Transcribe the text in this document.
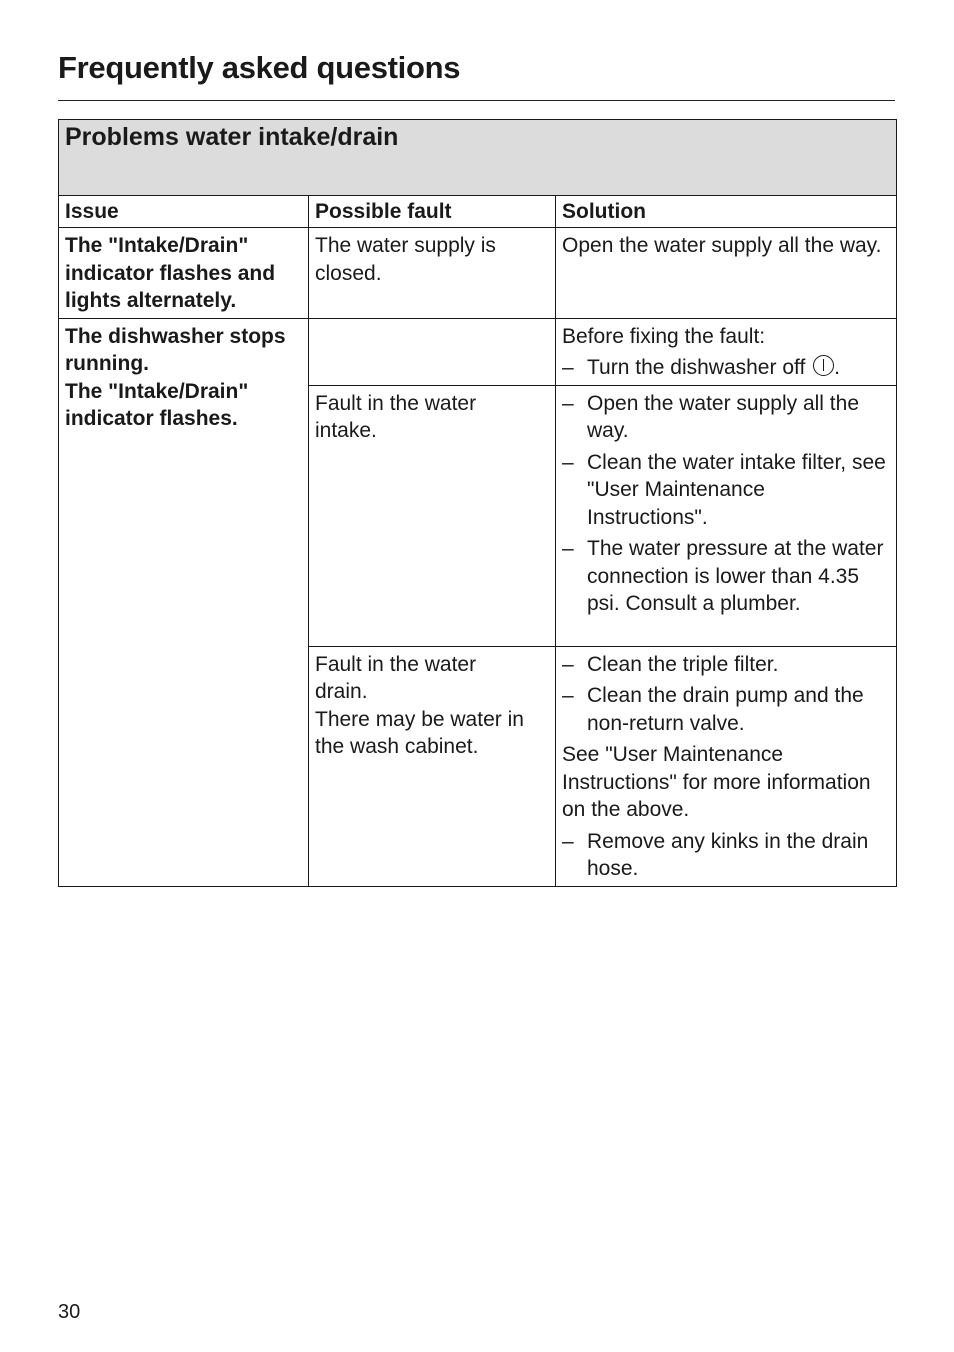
Frequently asked questions
Problems water intake/drain		
Issue	Possible fault	Solution

The "Intake/Drain"
indicator flashes and
lights alternately.	The water supply is
closed.	Open the water supply all the way.

The dishwasher stops
running.
The "Intake/Drain"
indicator flashes.		Before fixing the fault:
– Turn the dishwasher off .

	Fault in the water
intake.	– Open the water supply all the way.
– Clean the water intake filter, see "User Maintenance Instructions".
– The water pressure at the water connection is lower than 4.35 psi. Consult a plumber.

	Fault in the water
drain.
There may be water in
the wash cabinet.	– Clean the triple filter.
– Clean the drain pump and the non-return valve.
See "User Maintenance Instructions" for more information on the above.
– Remove any kinks in the drain hose.
30
